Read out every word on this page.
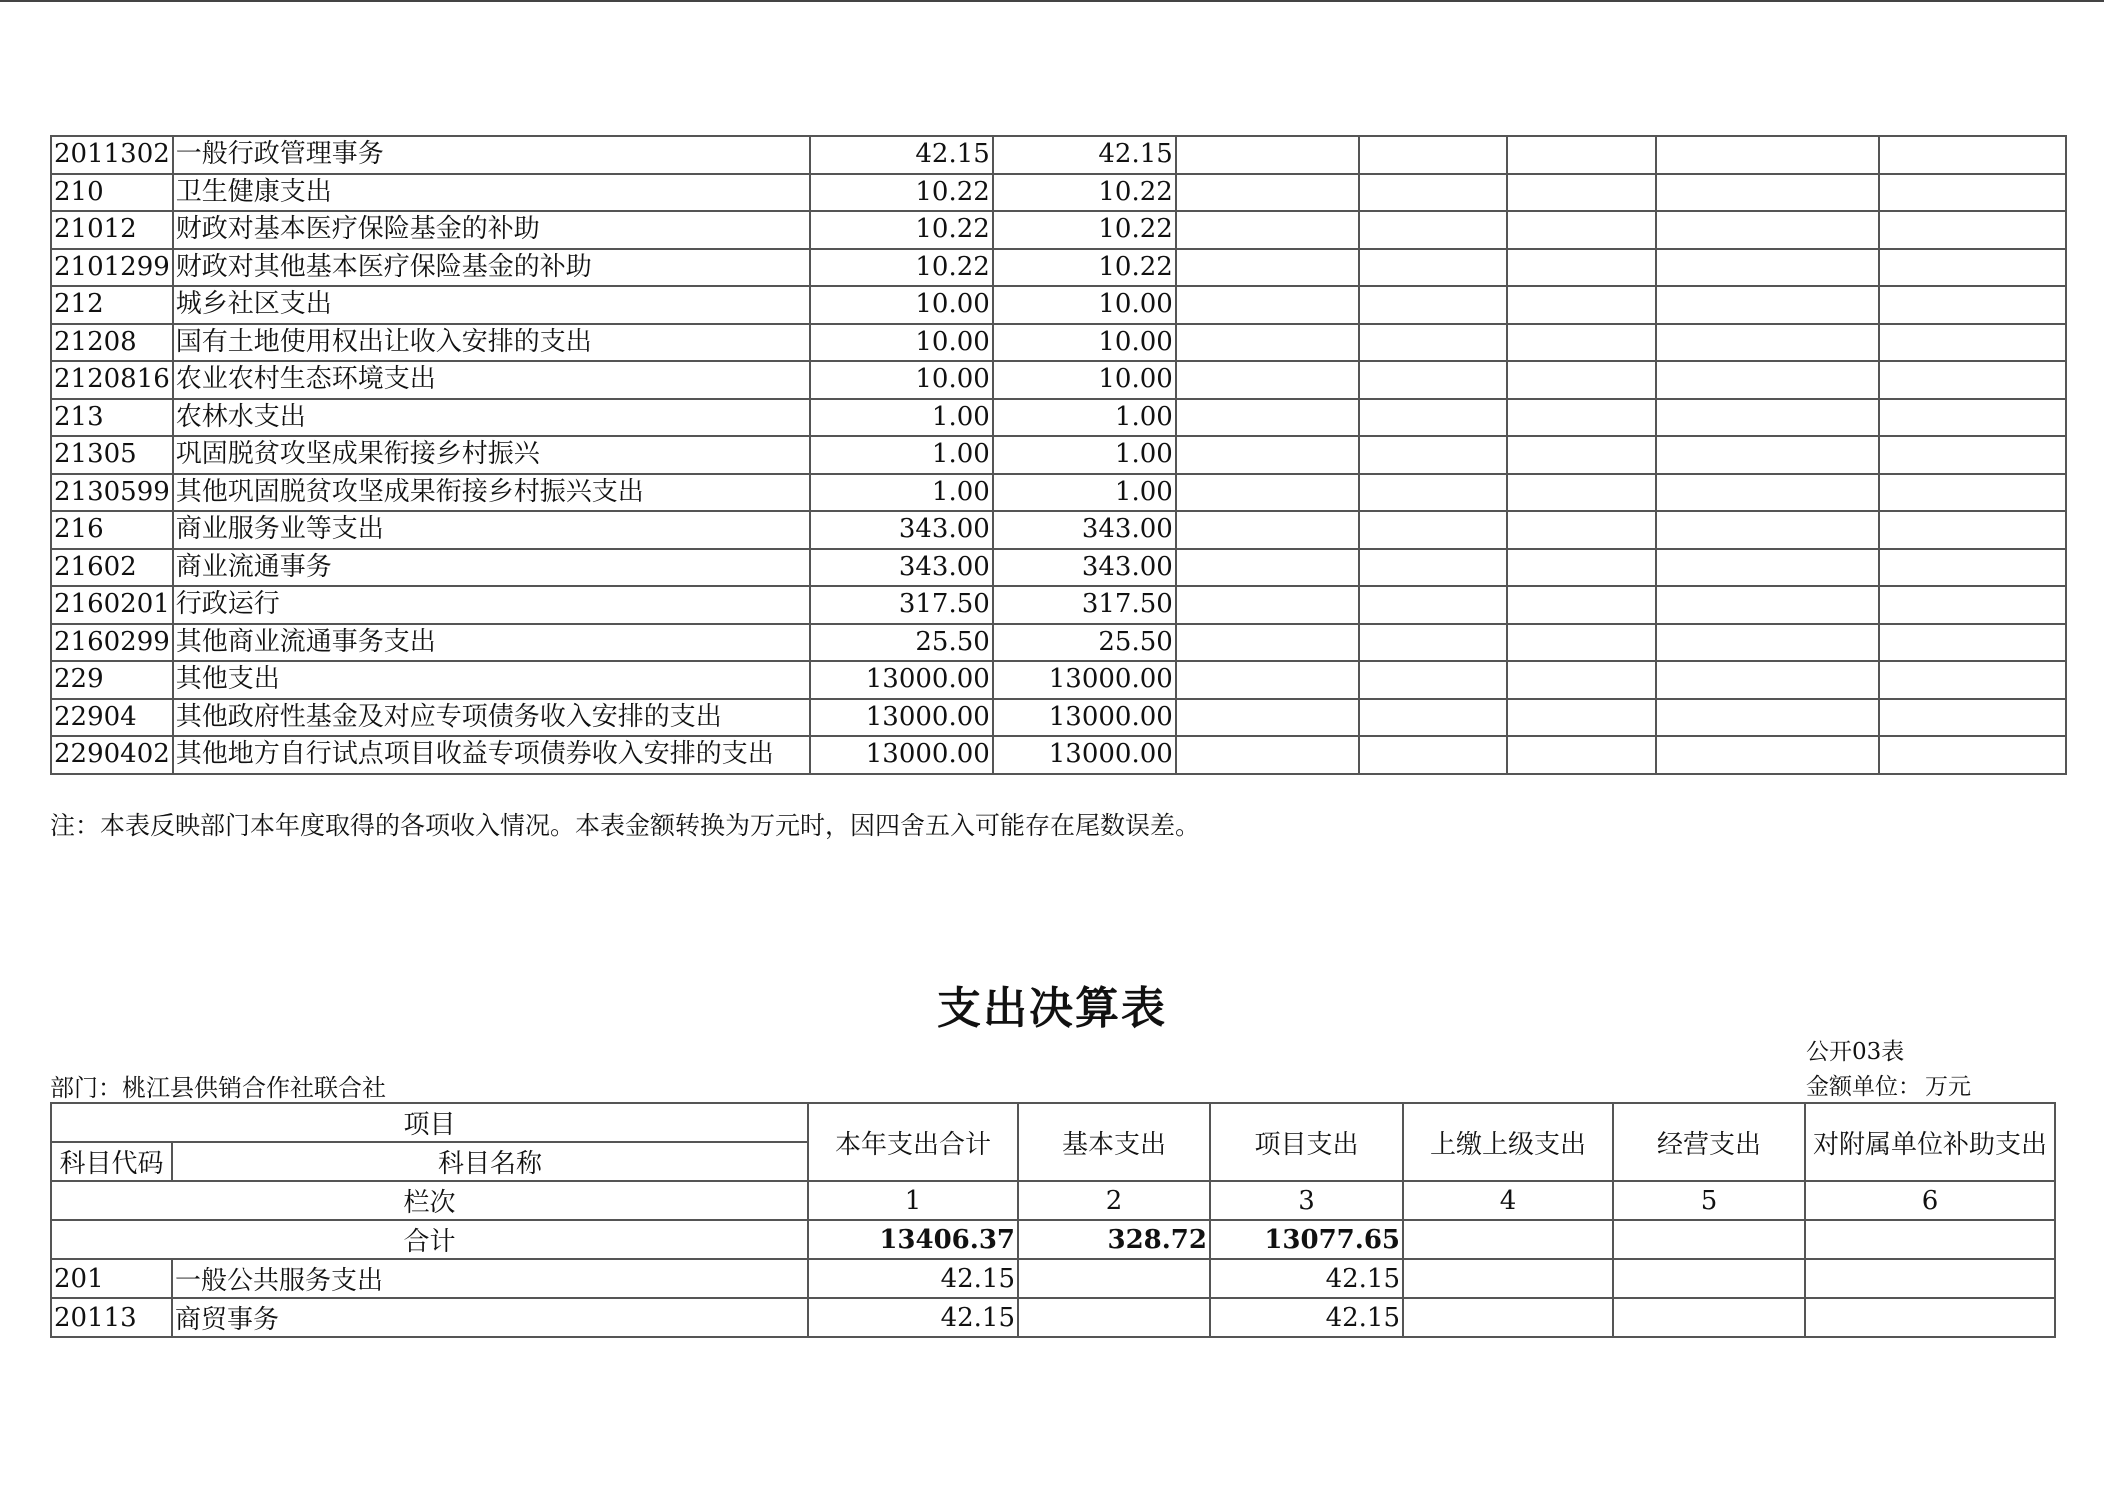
2011302	一般行政管理事务	42.15	42.15					
210	卫生健康支出	10.22	10.22					
21012	财政对基本医疗保险基金的补助	10.22	10.22					
2101299	财政对其他基本医疗保险基金的补助	10.22	10.22					
212	城乡社区支出	10.00	10.00					
21208	国有土地使用权出让收入安排的支出	10.00	10.00					
2120816	农业农村生态环境支出	10.00	10.00					
213	农林水支出	1.00	1.00					
21305	巩固脱贫攻坚成果衔接乡村振兴	1.00	1.00					
2130599	其他巩固脱贫攻坚成果衔接乡村振兴支出	1.00	1.00					
216	商业服务业等支出	343.00	343.00					
21602	商业流通事务	343.00	343.00					
2160201	行政运行	317.50	317.50					
2160299	其他商业流通事务支出	25.50	25.50					
229	其他支出	13000.00	13000.00					
22904	其他政府性基金及对应专项债务收入安排的支出	13000.00	13000.00					
2290402	其他地方自行试点项目收益专项债券收入安排的支出	13000.00	13000.00					
注：本表反映部门本年度取得的各项收入情况。本表金额转换为万元时，因四舍五入可能存在尾数误差。
支出决算表
公开03表
部门：桃江县供销合作社联合社	金额单位： 万元
项目		本年支出合计	基本支出	项目支出	上缴上级支出	经营支出	对附属单位补助支出
科目代码	科目名称						
栏次		1	2	3	4	5	6
合计		13406.37	328.72	13077.65			
201	一般公共服务支出	42.15		42.15			
20113	商贸事务	42.15		42.15			
